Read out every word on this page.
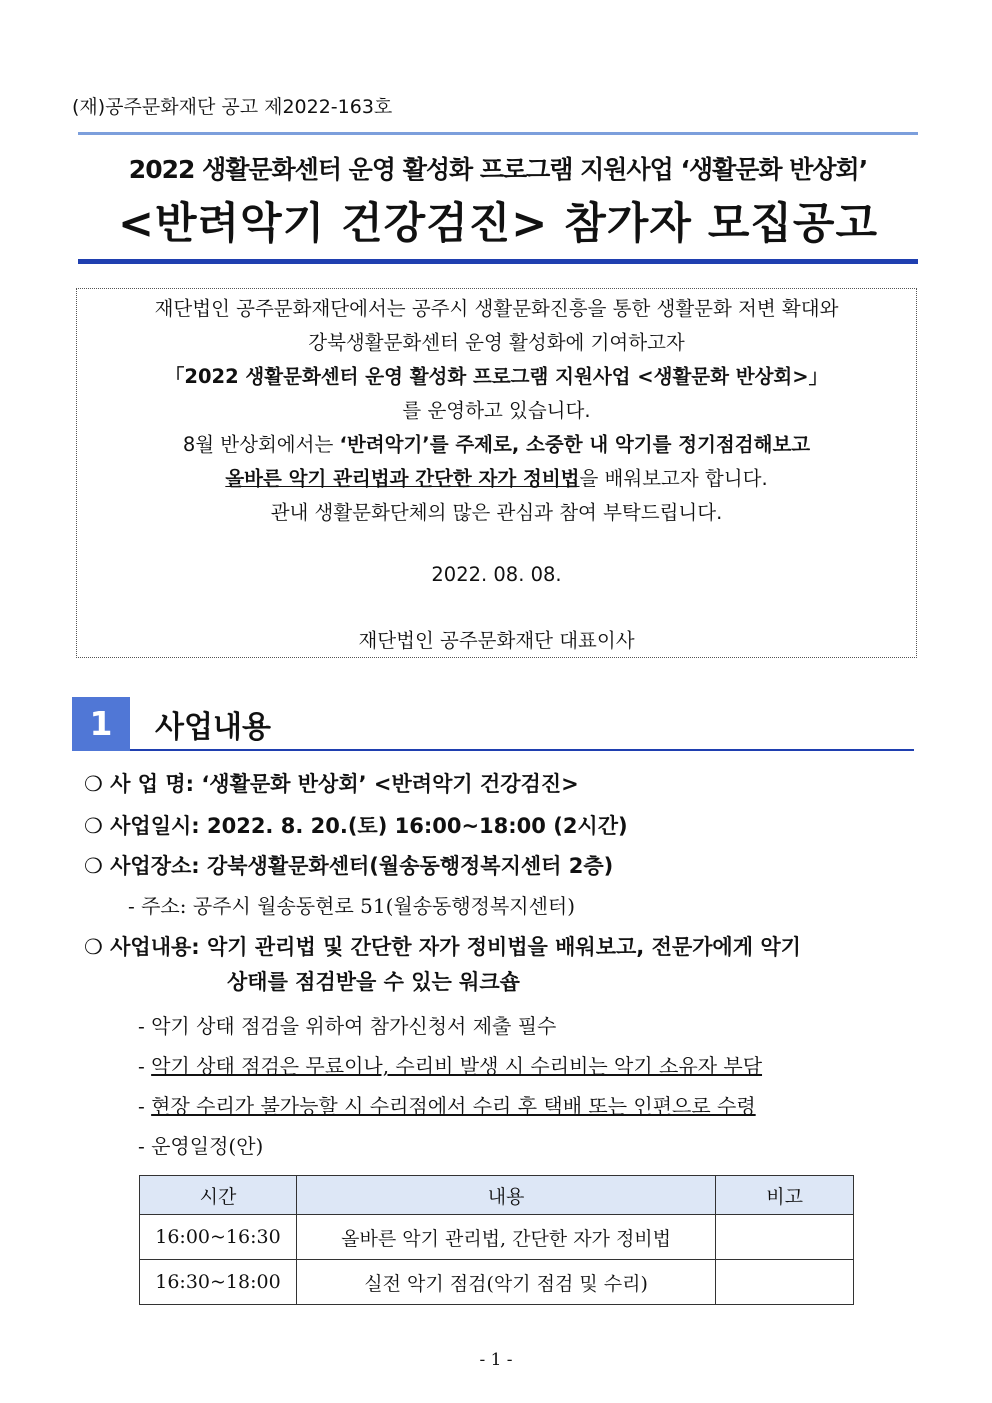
(재)공주문화재단 공고 제2022-163호
2022 생활문화센터 운영 활성화 프로그램 지원사업 ‘생활문화 반상회’
<반려악기 건강검진> 참가자 모집공고
재단법인 공주문화재단에서는 공주시 생활문화진흥을 통한 생활문화 저변 확대와
강북생활문화센터 운영 활성화에 기여하고자
「2022 생활문화센터 운영 활성화 프로그램 지원사업 <생활문화 반상회>」
를 운영하고 있습니다.
8월 반상회에서는 ‘반려악기’를 주제로, 소중한 내 악기를 정기점검해보고
올바른 악기 관리법과 간단한 자가 정비법을 배워보고자 합니다.
관내 생활문화단체의 많은 관심과 참여 부탁드립니다.
2022. 08. 08.
재단법인 공주문화재단 대표이사
1	사업내용
❍ 사 업 명: ‘생활문화 반상회’ <반려악기 건강검진>
❍ 사업일시: 2022. 8. 20.(토) 16:00~18:00 (2시간)
❍ 사업장소: 강북생활문화센터(월송동행정복지센터 2층)
- 주소: 공주시 월송동현로 51(월송동행정복지센터)
❍ 사업내용: 악기 관리법 및 간단한 자가 정비법을 배워보고, 전문가에게 악기
상태를 점검받을 수 있는 워크숍
- 악기 상태 점검을 위하여 참가신청서 제출 필수
- 악기 상태 점검은 무료이나, 수리비 발생 시 수리비는 악기 소유자 부담
- 현장 수리가 불가능할 시 수리점에서 수리 후 택배 또는 인편으로 수령
- 운영일정(안)
시간	내용	비고
16:00~16:30	올바른 악기 관리법, 간단한 자가 정비법	
16:30~18:00	실전 악기 점검(악기 점검 및 수리)	
- 1 -
